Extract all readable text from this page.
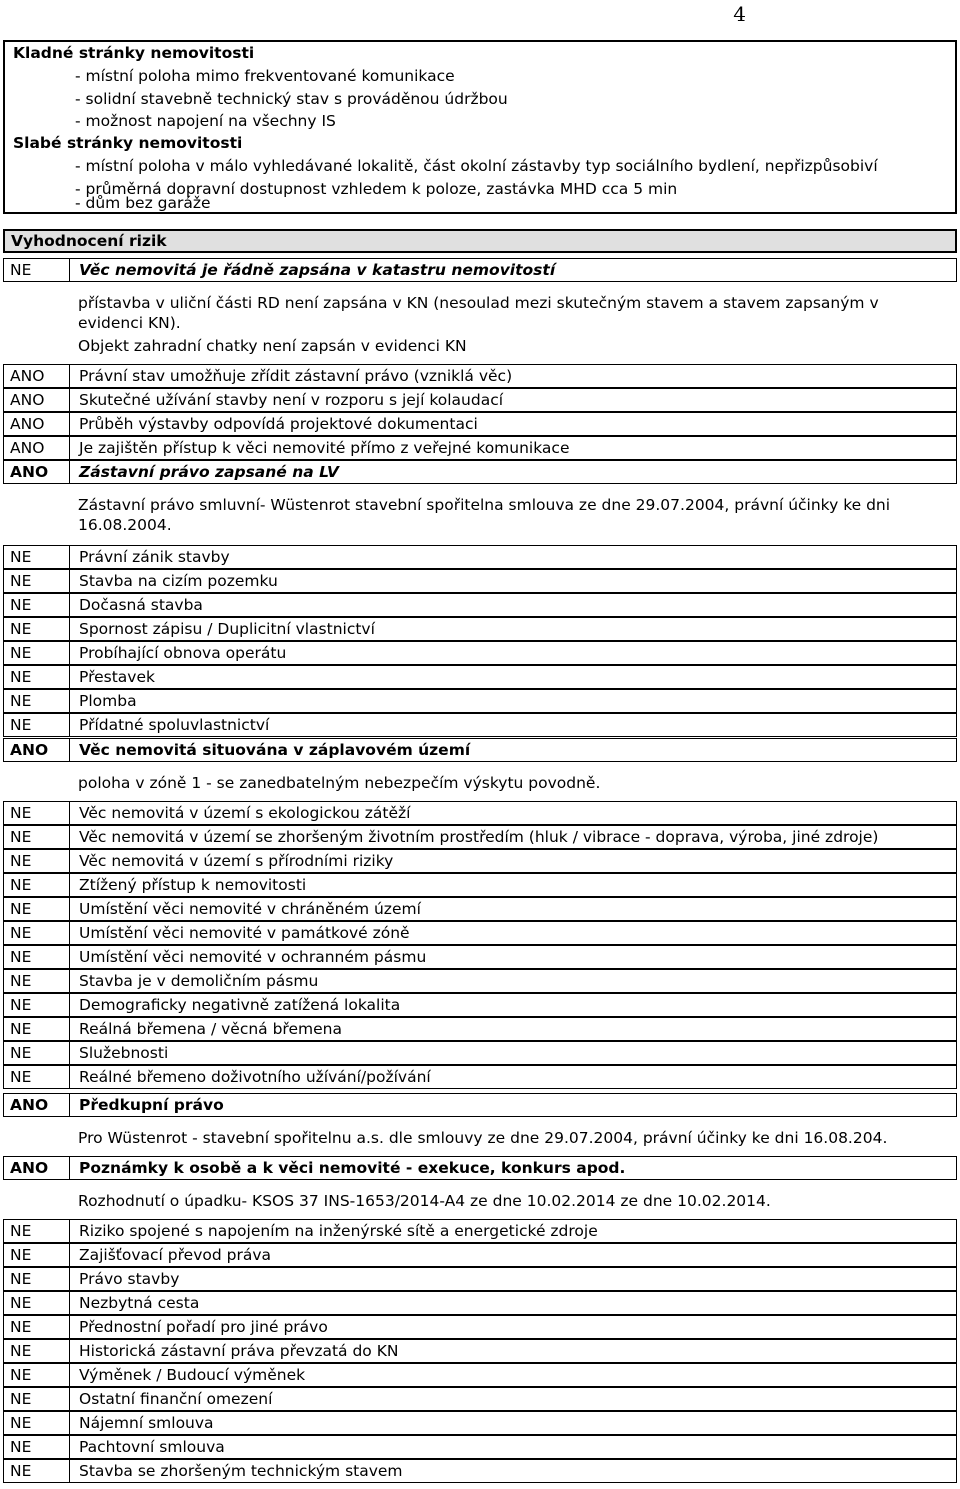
4
Kladné stránky nemovitosti
- místní poloha mimo frekventované komunikace
- solidní stavebně technický stav s prováděnou údržbou
- možnost napojení na všechny IS
Slabé stránky nemovitosti
- místní poloha v málo vyhledávané lokalitě, část okolní zástavby typ sociálního bydlení, nepřizpůsobiví
- průměrná dopravní dostupnost vzhledem k poloze, zastávka MHD cca 5 min
- dům bez garáže
Vyhodnocení rizik
NE	Věc nemovitá je řádně zapsána v katastru nemovitostí
přístavba v uliční části RD není zapsána v KN (nesoulad mezi skutečným stavem a stavem zapsaným v evidenci KN).
Objekt zahradní chatky není zapsán v evidenci KN
ANO	Právní stav umožňuje zřídit zástavní právo (vzniklá věc)
ANO	Skutečné užívání stavby není v rozporu s její kolaudací
ANO	Průběh výstavby odpovídá projektové dokumentaci
ANO	Je zajištěn přístup k věci nemovité přímo z veřejné komunikace
ANO	Zástavní právo zapsané na LV
Zástavní právo smluvní- Wüstenrot stavební spořitelna smlouva ze dne 29.07.2004, právní účinky ke dni 16.08.2004.
NE	Právní zánik stavby
NE	Stavba na cizím pozemku
NE	Dočasná stavba
NE	Spornost zápisu / Duplicitní vlastnictví
NE	Probíhající obnova operátu
NE	Přestavek
NE	Plomba
NE	Přídatné spoluvlastnictví
ANO	Věc nemovitá situována v záplavovém území
poloha v zóně 1 - se zanedbatelným nebezpečím výskytu povodně.
NE	Věc nemovitá v území s ekologickou zátěží
NE	Věc nemovitá v území se zhoršeným životním prostředím (hluk / vibrace - doprava, výroba, jiné zdroje)
NE	Věc nemovitá v území s přírodními riziky
NE	Ztížený přístup k nemovitosti
NE	Umístění věci nemovité v chráněném území
NE	Umístění věci nemovité v památkové zóně
NE	Umístění věci nemovité v ochranném pásmu
NE	Stavba je v demoličním pásmu
NE	Demograficky negativně zatížená lokalita
NE	Reálná břemena / věcná břemena
NE	Služebnosti
NE	Reálné břemeno doživotního užívání/požívání
ANO	Předkupní právo
Pro Wüstenrot - stavební spořitelnu a.s. dle smlouvy ze dne 29.07.2004, právní účinky ke dni 16.08.204.
ANO	Poznámky k osobě a k věci nemovité - exekuce, konkurs apod.
Rozhodnutí o úpadku- KSOS 37 INS-1653/2014-A4 ze dne 10.02.2014 ze dne 10.02.2014.
NE	Riziko spojené s napojením na inženýrské sítě a energetické zdroje
NE	Zajišťovací převod práva
NE	Právo stavby
NE	Nezbytná cesta
NE	Přednostní pořadí pro jiné právo
NE	Historická zástavní práva převzatá do KN
NE	Výměnek / Budoucí výměnek
NE	Ostatní finanční omezení
NE	Nájemní smlouva
NE	Pachtovní smlouva
NE	Stavba se zhoršeným technickým stavem
